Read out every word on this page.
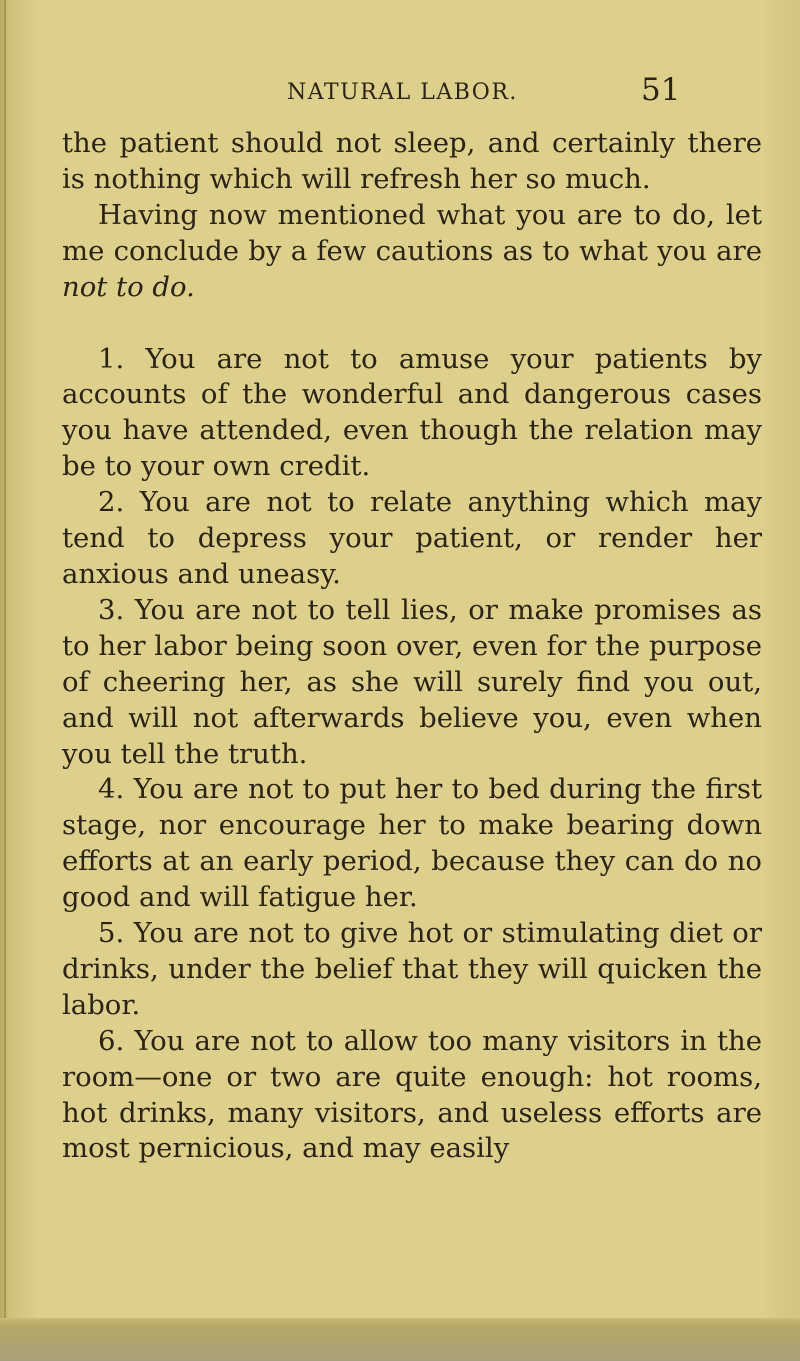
NATURAL LABOR.	51

the patient should not sleep, and certainly there is nothing which will refresh her so much.

Having now mentioned what you are to do, let me conclude by a few cautions as to what you are not to do.

1. You are not to amuse your patients by accounts of the wonderful and dangerous cases you have attended, even though the relation may be to your own credit.

2. You are not to relate anything which may tend to depress your patient, or render her anxious and uneasy.

3. You are not to tell lies, or make promises as to her labor being soon over, even for the purpose of cheering her, as she will surely find you out, and will not afterwards believe you, even when you tell the truth.

4. You are not to put her to bed during the first stage, nor encourage her to make bearing down efforts at an early period, because they can do no good and will fatigue her.

5. You are not to give hot or stimulating diet or drinks, under the belief that they will quicken the labor.

6. You are not to allow too many visitors in the room—one or two are quite enough: hot rooms, hot drinks, many visitors, and useless efforts are most pernicious, and may easily
